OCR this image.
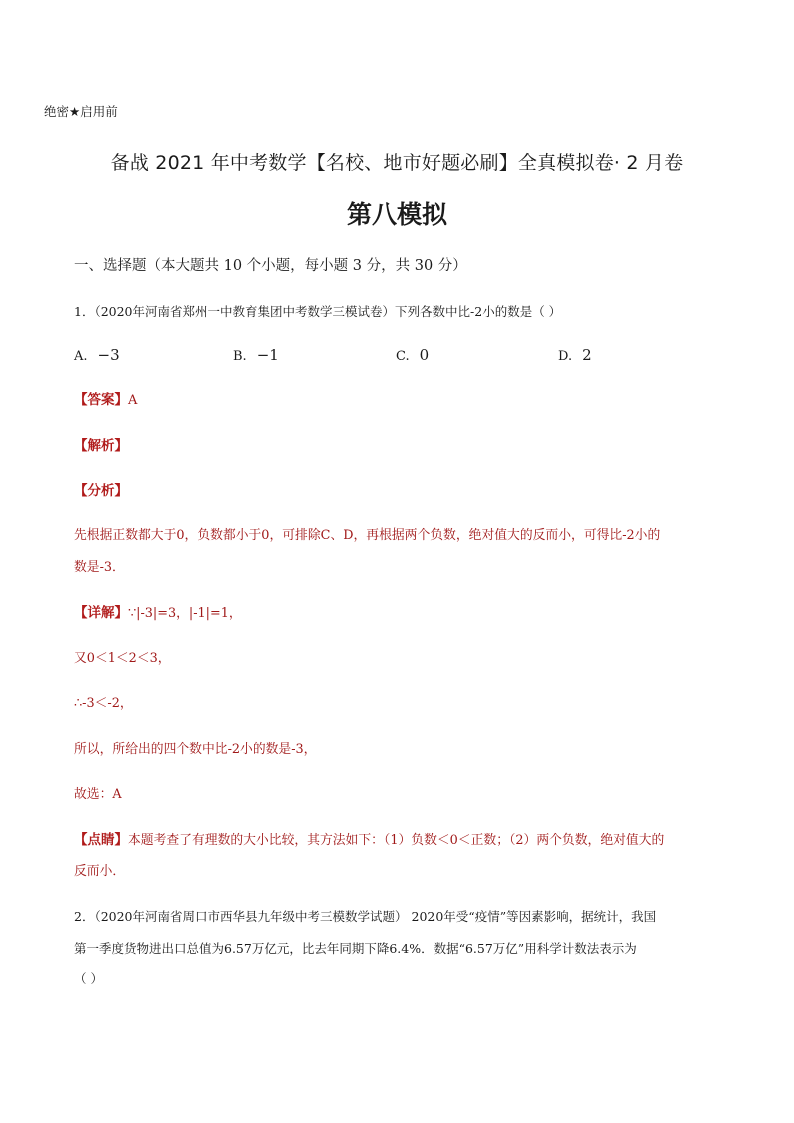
绝密★启用前
备战 2021 年中考数学【名校、地市好题必刷】全真模拟卷· 2 月卷
第八模拟
一、选择题（本大题共 10 个小题，每小题 3 分，共 30 分）
1．（2020年河南省郑州一中教育集团中考数学三模试卷）下列各数中比-2小的数是（ ）
A. −3	B. −1	C. 0	D. 2
【答案】A
【解析】
【分析】
先根据正数都大于0，负数都小于0，可排除C、D，再根据两个负数，绝对值大的反而小，可得比-2小的
数是-3．
【详解】∵|-3|=3，|-1|=1，
又0＜1＜2＜3，
∴-3＜-2，
所以，所给出的四个数中比-2小的数是-3，
故选：A
【点睛】本题考查了有理数的大小比较，其方法如下：（1）负数＜0＜正数；（2）两个负数，绝对值大的
反而小．
2．（2020年河南省周口市西华县九年级中考三模数学试题） 2020年受“疫情”等因素影响，据统计，我国
第一季度货物进出口总值为6.57万亿元，比去年同期下降6.4%．数据“6.57万亿”用科学计数法表示为
（ ）
